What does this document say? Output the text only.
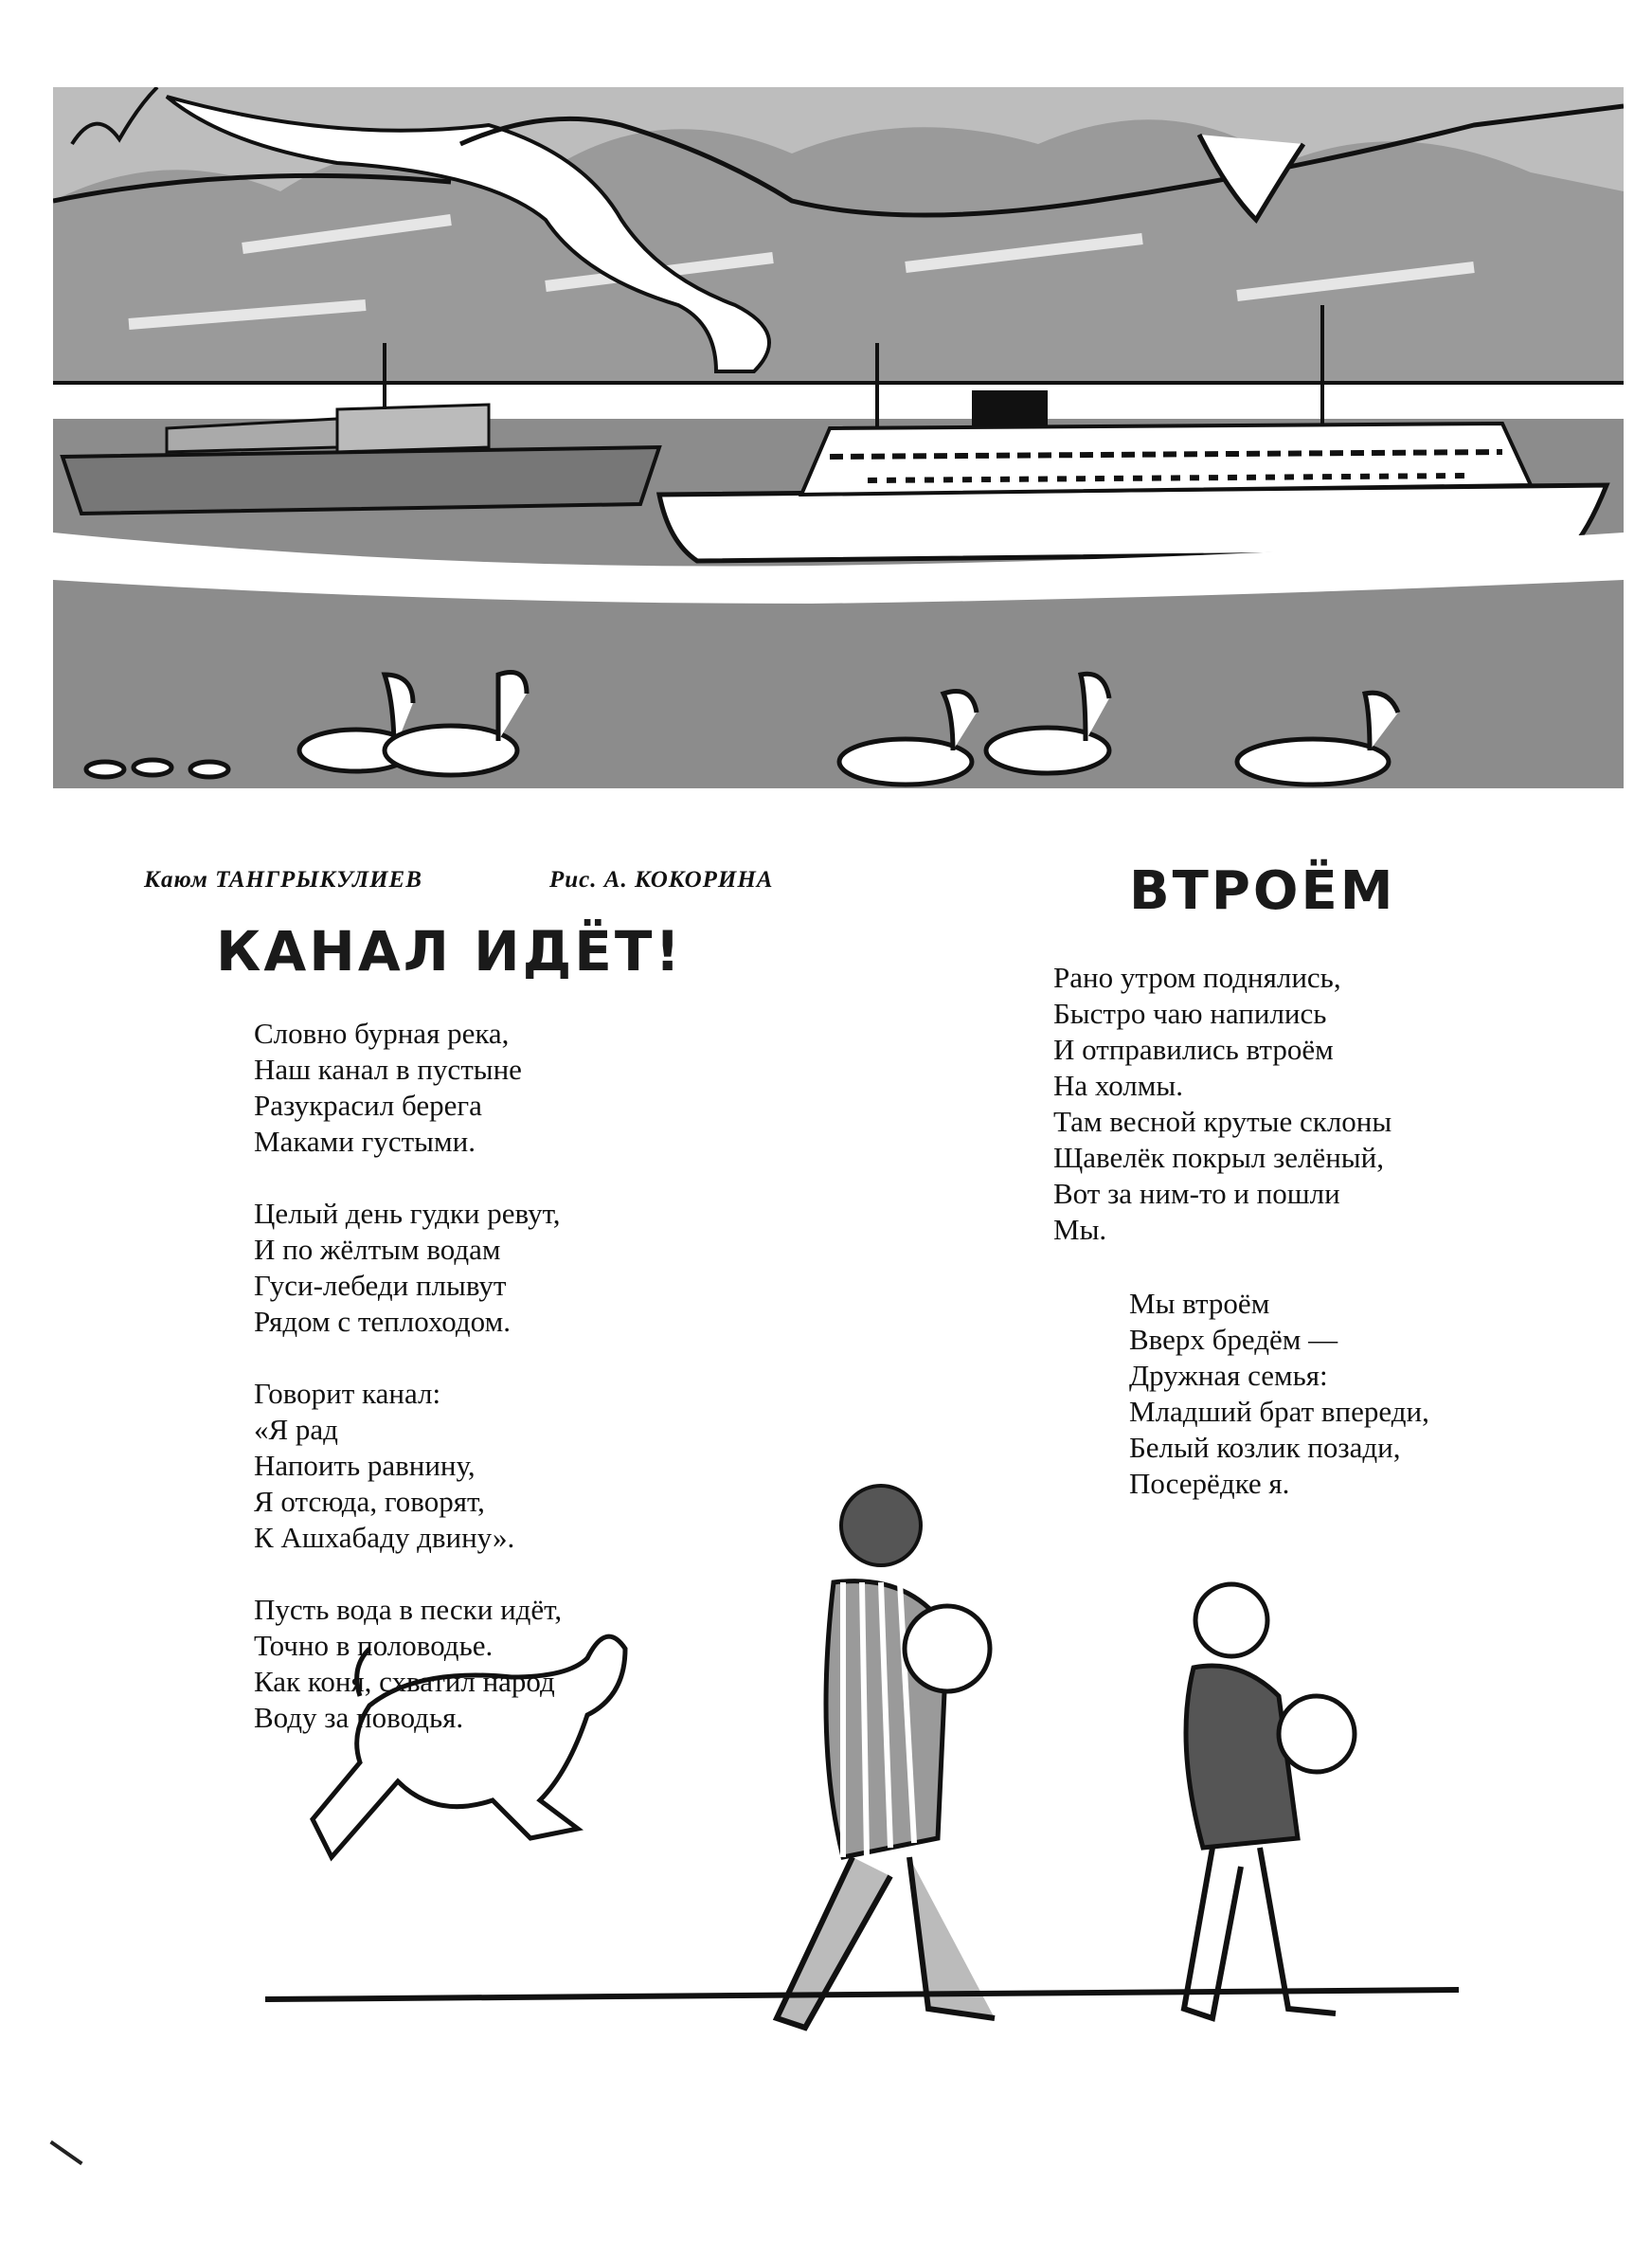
Каюм ТАНГРЫКУЛИЕВ	Рис. А. КОКОРИНА
КАНАЛ ИДЁТ!
ВТРОЁМ
Словно бурная река,
Наш канал в пустыне
Разукрасил берега
Маками густыми.
Целый день гудки ревут,
И по жёлтым водам
Гуси-лебеди плывут
Рядом с теплоходом.
Говорит канал:
«Я рад
Напоить равнину,
Я отсюда, говорят,
К Ашхабаду двину».
Пусть вода в пески идёт,
Точно в половодье.
Как коня, схватил народ
Воду за поводья.
Рано утром поднялись,
Быстро чаю напились
И отправились втроём
На холмы.
Там весной крутые склоны
Щавелёк покрыл зелёный,
Вот за ним-то и пошли
Мы.
Мы втроём
Вверх бредём —
Дружная семья:
Младший брат впереди,
Белый козлик позади,
Посерёдке я.
